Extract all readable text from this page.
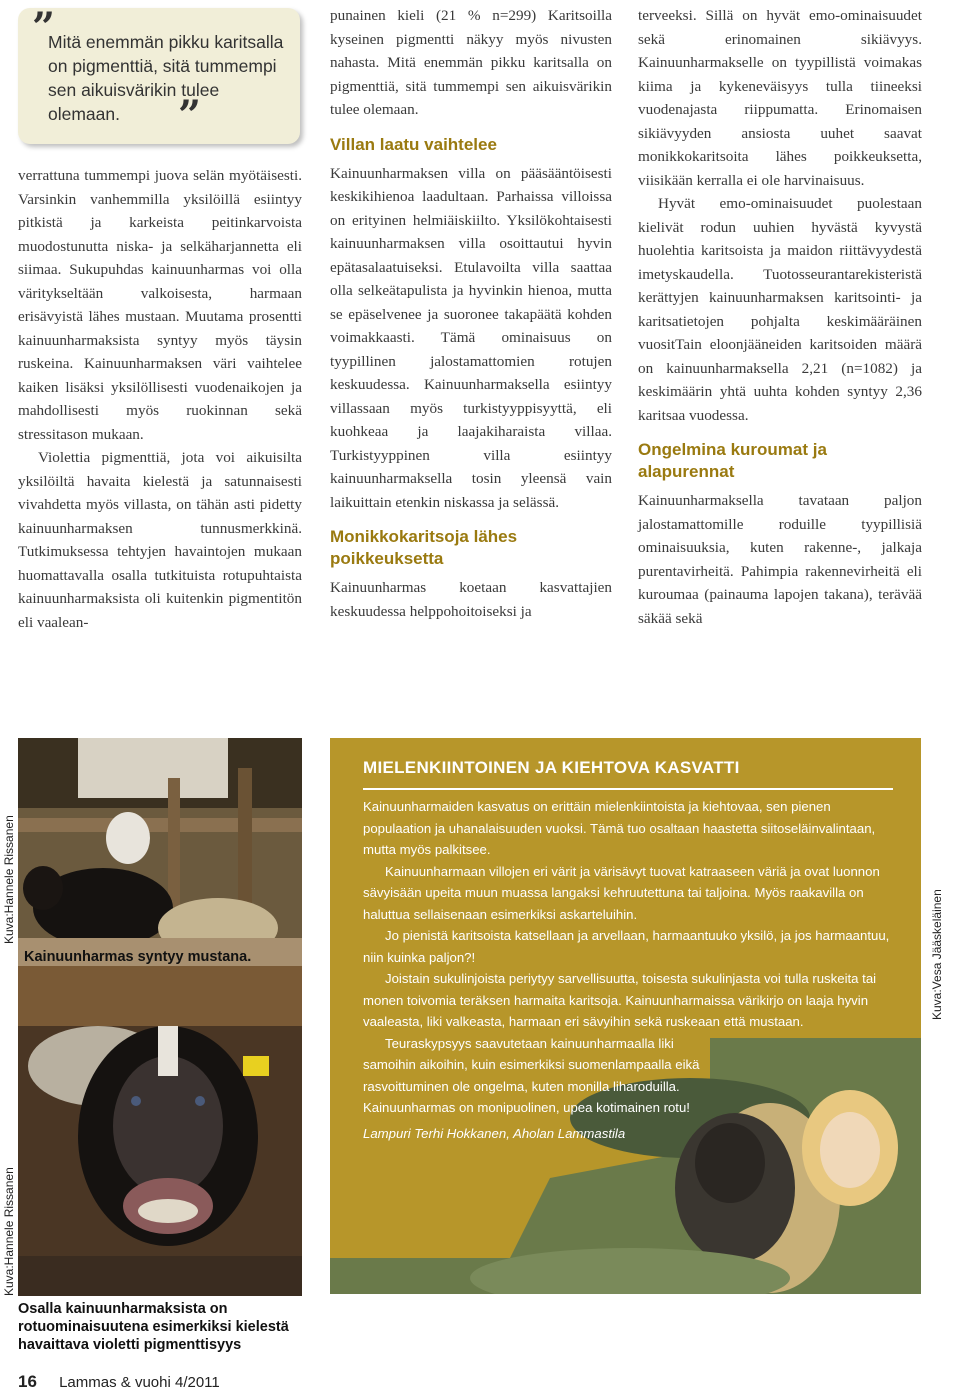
”
Mitä enemmän pikku karitsalla on pigmenttiä, sitä tummempi sen aikuisvärikin tulee olemaan.	”

verrattuna tummempi juova selän myötäisesti. Varsinkin vanhemmilla yksilöillä esiintyy pitkistä ja karkeista peitinkarvoista muodostunutta niska- ja selkäharjannetta eli siimaa. Sukupuhdas kainuunharmas voi olla väritykseltään valkoisesta, harmaan erisävyistä lähes mustaan. Muutama prosentti kainuunharmaksista syntyy myös täysin ruskeina. Kainuunharmaksen väri vaihtelee kaiken lisäksi yksilöllisesti vuodenaikojen ja mahdollisesti myös ruokinnan sekä stressitason mukaan.

Violettia pigmenttiä, jota voi aikuisilta yksilöiltä havaita kielestä ja satunnaisesti vivahdetta myös villasta, on tähän asti pidetty kainuunharmaksen tunnusmerkkinä. Tutkimuksessa tehtyjen havaintojen mukaan huomattavalla osalla tutkituista rotupuhtaista kainuunharmaksista oli kuitenkin pigmentitön eli vaalean-

punainen kieli (21 % n=299) Karitsoilla kyseinen pigmentti näkyy myös nivusten nahasta. Mitä enemmän pikku karitsalla on pigmenttiä, sitä tummempi sen aikuisvärikin tulee olemaan.

Villan laatu vaihtelee

Kainuunharmaksen villa on pääsääntöisesti keskikihienoa laadultaan. Parhaissa villoissa on erityinen helmiäiskiilto. Yksilökohtaisesti kainuunharmaksen villa osoittautui hyvin epätasalaatuiseksi. Etulavoilta villa saattaa olla selkeätapulista ja hyvinkin hienoa, mutta se epäselvenee ja suoronee takapäätä kohden voimakkaasti. Tämä ominaisuus on tyypillinen jalostamattomien rotujen keskuudessa. Kainuunharmaksella esiintyy villassaan myös turkistyyppisyyttä, eli kuohkeaa ja laajakiharaista villaa. Turkistyyppinen villa esiintyy kainuunharmaksella tosin yleensä vain laikuittain etenkin niskassa ja selässä.

Monikkokaritsoja lähes poikkeuksetta

Kainuunharmas koetaan kasvattajien keskuudessa helppohoitoiseksi ja

terveeksi. Sillä on hyvät emo-ominaisuudet sekä erinomainen sikiävyys. Kainuunharmakselle on tyypillistä voimakas kiima ja kykeneväisyys tulla tiineeksi vuodenajasta riippumatta. Erinomaisen sikiävyyden ansiosta uuhet saavat monikkokaritsoita lähes poikkeuksetta, viisikään kerralla ei ole harvinaisuus.

Hyvät emo-ominaisuudet puolestaan kielivät rodun uuhien hyvästä kyvystä huolehtia karitsoista ja maidon riittävyydestä imetyskaudella. Tuotosseurantarekisteristä kerättyjen kainuunharmaksen karitsointi- ja karitsatietojen pohjalta keskimääräinen vuositTain eloonjääneiden karitsoiden määrä on kainuunharmaksella 2,21 (n=1082) ja keskimäärin yhtä uuhta kohden syntyy 2,36 karitsaa vuodessa.

Ongelmina kuroumat ja alapurennat

Kainuunharmaksella tavataan paljon jalostamattomille roduille tyypillisiä ominaisuuksia, kuten rakenne-, jalkaja purentavirheitä. Pahimpia rakennevirheitä eli kuroumaa (painauma lapojen takana), terävää säkää sekä

Kainuunharmas syntyy mustana.
Kuva:Hannele Rissanen
Osalla kainuunharmaksista on rotuominaisuutena esimerkiksi kielestä havaittava violetti pigmenttisyys
Kuva:Hannele Rissanen
MIELENKIINTOINEN JA KIEHTOVA KASVATTI

Kainuunharmaiden kasvatus on erittäin mielenkiintoista ja kiehtovaa, sen pienen populaation ja uhanalaisuuden vuoksi. Tämä tuo osaltaan haastetta siitoseläinvalintaan, mutta myös palkitsee.

Kainuunharmaan villojen eri värit ja värisävyt tuovat katraaseen väriä ja ovat luonnon sävyisään upeita muun muassa langaksi kehruutettuna tai taljoina. Myös raakavilla on haluttua sellaisenaan esimerkiksi askarteluihin.

Jo pienistä karitsoista katsellaan ja arvellaan, harmaantuuko yksilö, ja jos harmaantuu, niin kuinka paljon?!

Joistain sukulinjoista periytyy sarvellisuutta, toisesta sukulinjasta voi tulla ruskeita tai monen toivomia teräksen harmaita karitsoja. Kainuunharmaissa värikirjo on laaja hyvin vaaleasta, liki valkeasta, harmaan eri sävyihin sekä ruskeaan että mustaan.

Teuraskypsyys saavutetaan kainuunharmaalla liki samoihin aikoihin, kuin esimerkiksi suomenlampaalla eikä rasvoittuminen ole ongelma, kuten monilla liharoduilla. Kainuunharmas on monipuolinen, upea kotimainen rotu!

Lampuri Terhi Hokkanen, Aholan Lammastila

Kuva:Vesa Jääskeläinen
16 Lammas & vuohi 4/2011
